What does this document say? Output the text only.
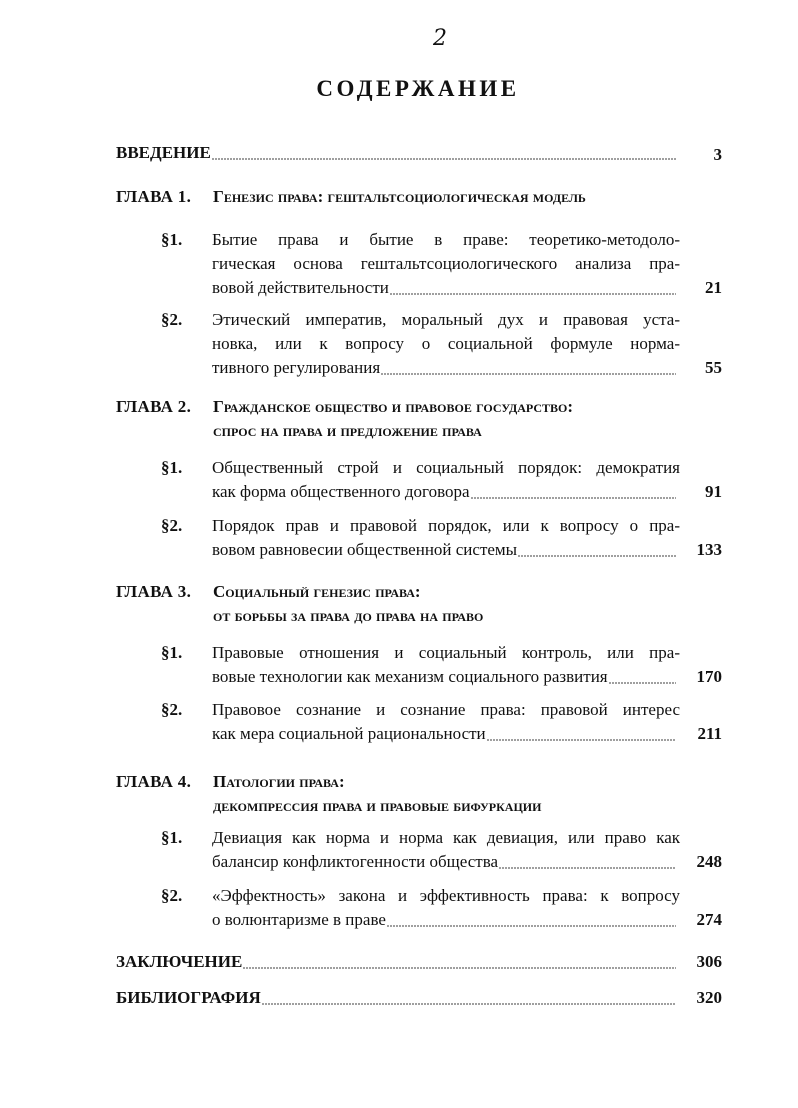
2
СОДЕРЖАНИЕ
ВВЕДЕНИЕ	3
ГЛАВА 1. Генезис права: гештальтсоциологическая модель
§1. Бытие права и бытие в праве: теоретико-методоло-
гическая основа гештальтсоциологического анализа пра-
вовой действительности	21
§2. Этический императив, моральный дух и правовая уста-
новка, или к вопросу о социальной формуле норма-
тивного регулирования	55
ГЛАВА 2. Гражданское общество и правовое государство:
спрос на права и предложение права
§1. Общественный строй и социальный порядок: демократия
как форма общественного договора	91
§2. Порядок прав и правовой порядок, или к вопросу о пра-
вовом равновесии общественной системы	133
ГЛАВА 3. Социальный генезис права:
от борьбы за права до права на право
§1. Правовые отношения и социальный контроль, или пра-
вовые технологии как механизм социального развития	170
§2. Правовое сознание и сознание права: правовой интерес
как мера социальной рациональности	211
ГЛАВА 4. Патологии права:
декомпрессия права и правовые бифуркации
§1. Девиация как норма и норма как девиация, или право как
балансир конфликтогенности общества	248
§2. «Эффектность» закона и эффективность права: к вопросу
о волюнтаризме в праве	274
ЗАКЛЮЧЕНИЕ	306
БИБЛИОГРАФИЯ	320
